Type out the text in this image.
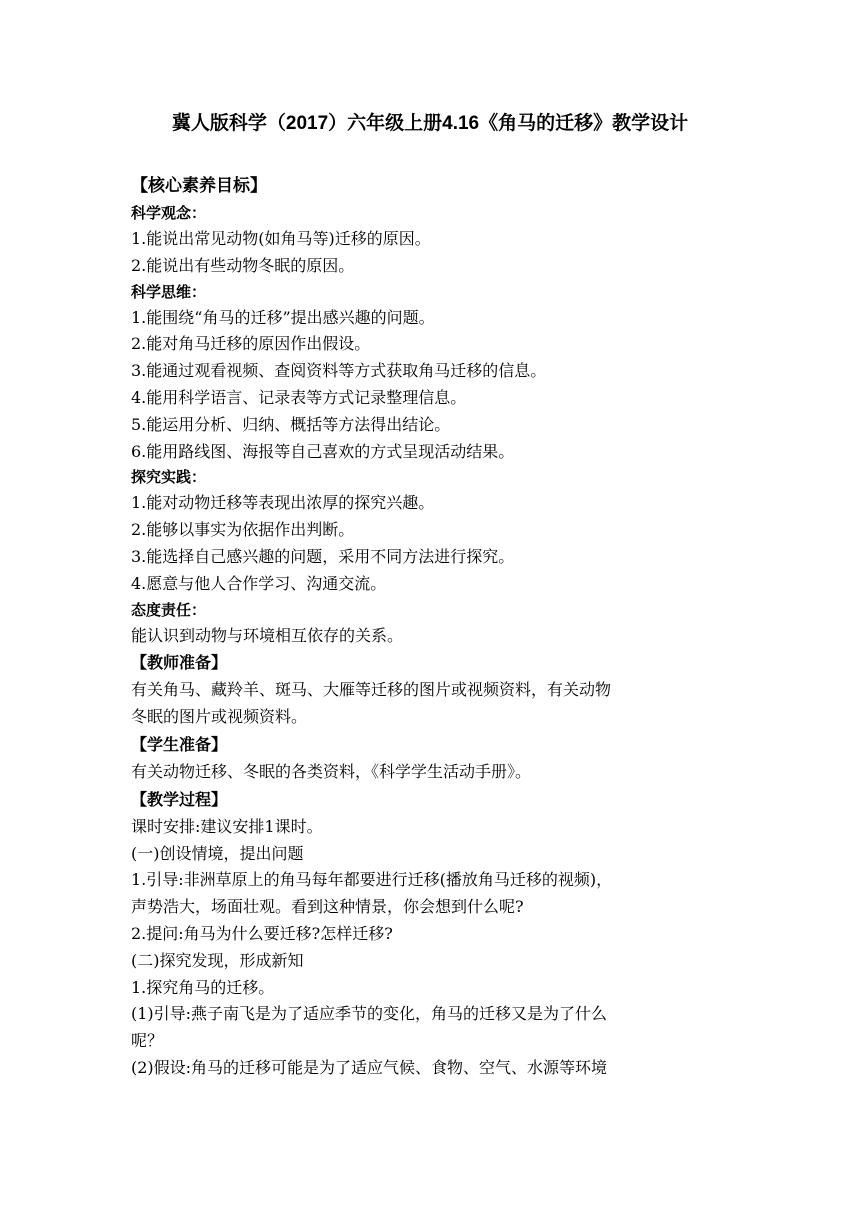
冀人版科学（2017）六年级上册4.16《角马的迁移》教学设计
【核心素养目标】
科学观念：
1.能说出常见动物(如角马等)迁移的原因。
2.能说出有些动物冬眠的原因。
科学思维：
1.能围绕“角马的迁移”提出感兴趣的问题。
2.能对角马迁移的原因作出假设。
3.能通过观看视频、查阅资料等方式获取角马迁移的信息。
4.能用科学语言、记录表等方式记录整理信息。
5.能运用分析、归纳、概括等方法得出结论。
6.能用路线图、海报等自己喜欢的方式呈现活动结果。
探究实践：
1.能对动物迁移等表现出浓厚的探究兴趣。
2.能够以事实为依据作出判断。
3.能选择自己感兴趣的问题，采用不同方法进行探究。
4.愿意与他人合作学习、沟通交流。
态度责任：
能认识到动物与环境相互依存的关系。
【教师准备】
有关角马、藏羚羊、斑马、大雁等迁移的图片或视频资料，有关动物
冬眠的图片或视频资料。
【学生准备】
有关动物迁移、冬眠的各类资料，《科学学生活动手册》。
【教学过程】
课时安排:建议安排1课时。
(一)创设情境，提出问题
1.引导:非洲草原上的角马每年都要进行迁移(播放角马迁移的视频)，
声势浩大，场面壮观。看到这种情景，你会想到什么呢?
2.提问:角马为什么要迁移?怎样迁移?
(二)探究发现，形成新知
1.探究角马的迁移。
(1)引导:燕子南飞是为了适应季节的变化，角马的迁移又是为了什么
呢？
(2)假设:角马的迁移可能是为了适应气候、食物、空气、水源等环境
